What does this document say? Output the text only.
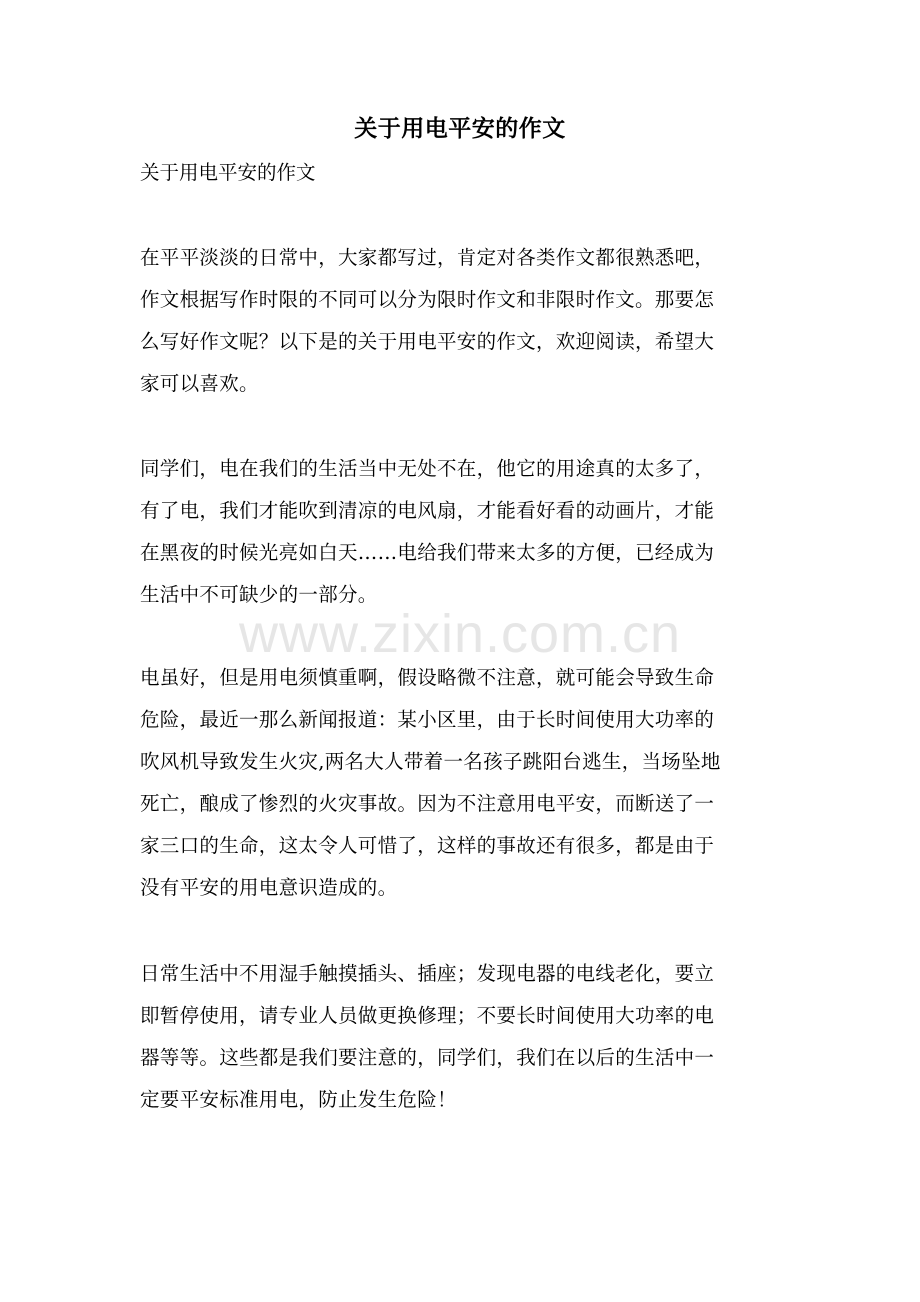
关于用电平安的作文
关于用电平安的作文
在平平淡淡的日常中，大家都写过，肯定对各类作文都很熟悉吧，
作文根据写作时限的不同可以分为限时作文和非限时作文。那要怎
么写好作文呢？以下是的关于用电平安的作文，欢迎阅读，希望大
家可以喜欢。
同学们，电在我们的生活当中无处不在，他它的用途真的太多了，
有了电，我们才能吹到清凉的电风扇，才能看好看的动画片，才能
在黑夜的时候光亮如白天……电给我们带来太多的方便，已经成为
生活中不可缺少的一部分。
www.zixin.com.cn
电虽好，但是用电须慎重啊，假设略微不注意，就可能会导致生命
危险，最近一那么新闻报道：某小区里，由于长时间使用大功率的
吹风机导致发生火灾,两名大人带着一名孩子跳阳台逃生，当场坠地
死亡，酿成了惨烈的火灾事故。因为不注意用电平安，而断送了一
家三口的生命，这太令人可惜了，这样的事故还有很多，都是由于
没有平安的用电意识造成的。
日常生活中不用湿手触摸插头、插座；发现电器的电线老化，要立
即暂停使用，请专业人员做更换修理；不要长时间使用大功率的电
器等等。这些都是我们要注意的，同学们，我们在以后的生活中一
定要平安标准用电，防止发生危险！
